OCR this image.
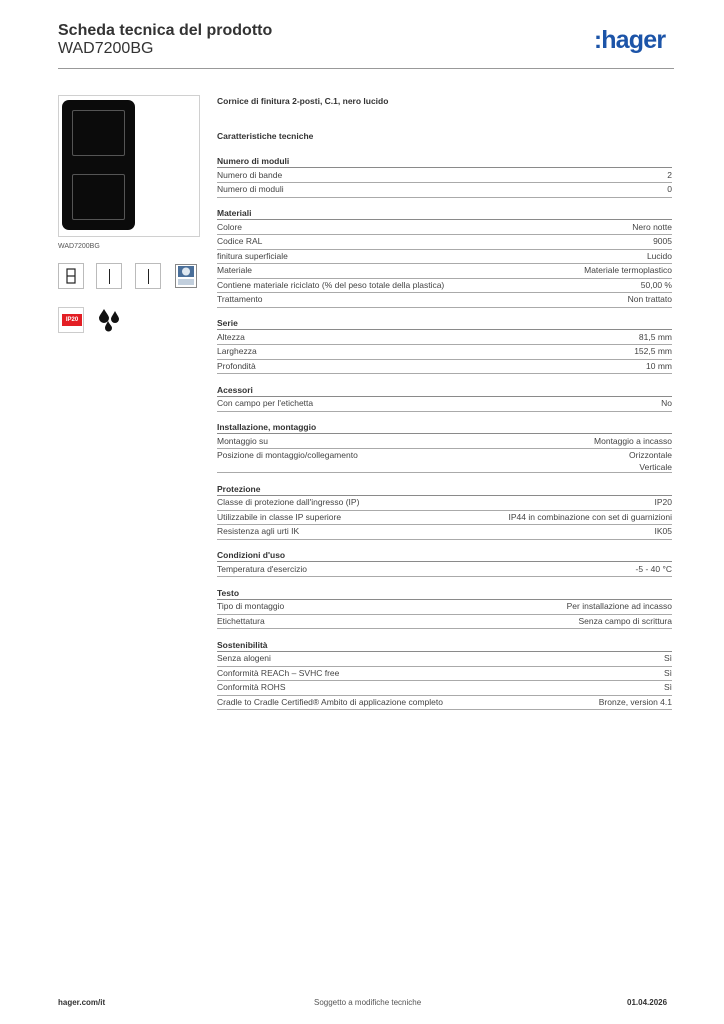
Scheda tecnica del prodotto
WAD7200BG	:hager
WAD7200BG
IP20
Cornice di finitura 2-posti, C.1, nero lucido
Caratteristiche tecniche
Numero di moduli
Numero di bande	2
Numero di moduli	0
Materiali
Colore	Nero notte
Codice RAL	9005
finitura superficiale	Lucido
Materiale	Materiale termoplastico
Contiene materiale riciclato (% del peso totale della plastica)	50,00 %
Trattamento	Non trattato
Serie
Altezza	81,5 mm
Larghezza	152,5 mm
Profondità	10 mm
Acessori
Con campo per l'etichetta	No
Installazione, montaggio
Montaggio su	Montaggio a incasso
Posizione di montaggio/collegamento	Orizzontale
Verticale
Protezione
Classe di protezione dall'ingresso (IP)	IP20
Utilizzabile in classe IP superiore	IP44 in combinazione con set di guarnizioni
Resistenza agli urti IK	IK05
Condizioni d'uso
Temperatura d'esercizio	-5 - 40 °C
Testo
Tipo di montaggio	Per installazione ad incasso
Etichettatura	Senza campo di scrittura
Sostenibilità
Senza alogeni	Sì
Conformità REACh – SVHC free	Sì
Conformità ROHS	Sì
Cradle to Cradle Certified® Ambito di applicazione completo	Bronze, version 4.1
hager.com/it	Soggetto a modifiche tecniche	01.04.2026
